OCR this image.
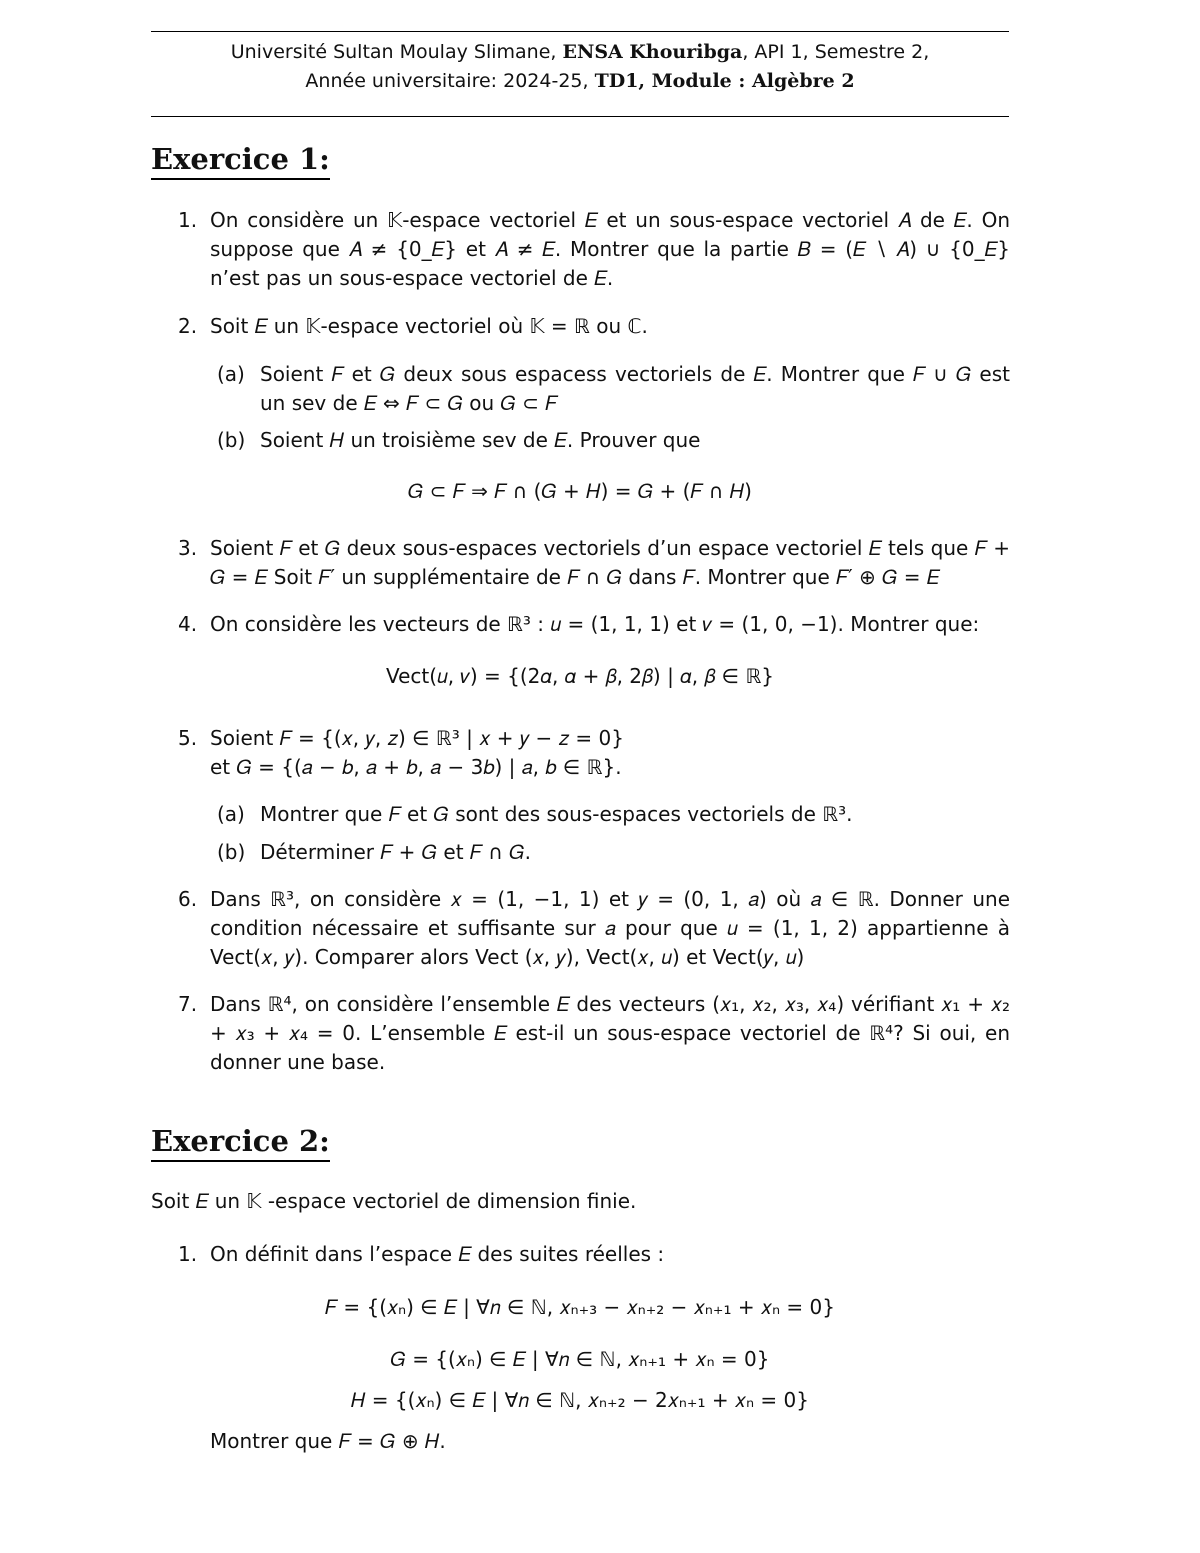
Université Sultan Moulay Slimane, ENSA Khouribga, API 1, Semestre 2,
Année universitaire: 2024-25, TD1, Module : Algèbre 2
Exercice 1:
1. On considère un 𝕂-espace vectoriel 𝐸 et un sous-espace vectoriel 𝐴 de 𝐸. On suppose que 𝐴 ≠ {0_𝐸} et 𝐴 ≠ 𝐸. Montrer que la partie 𝐵 = (𝐸 ∖ 𝐴) ∪ {0_𝐸} n’est pas un sous-espace vectoriel de 𝐸.
2. Soit 𝐸 un 𝕂-espace vectoriel où 𝕂 = ℝ ou ℂ.
(a) Soient 𝐹 et 𝐺 deux sous espacess vectoriels de 𝐸. Montrer que 𝐹 ∪ 𝐺 est un sev de 𝐸 ⇔ 𝐹 ⊂ 𝐺 ou 𝐺 ⊂ 𝐹
(b) Soient 𝐻 un troisième sev de 𝐸. Prouver que
𝐺 ⊂ 𝐹 ⇒ 𝐹 ∩ (𝐺 + 𝐻) = 𝐺 + (𝐹 ∩ 𝐻)
3. Soient 𝐹 et 𝐺 deux sous-espaces vectoriels d’un espace vectoriel 𝐸 tels que 𝐹 + 𝐺 = 𝐸 Soit 𝐹′ un supplémentaire de 𝐹 ∩ 𝐺 dans 𝐹. Montrer que 𝐹′ ⊕ 𝐺 = 𝐸
4. On considère les vecteurs de ℝ³ : 𝑢 = (1, 1, 1) et 𝑣 = (1, 0, −1). Montrer que:
Vect(𝑢, 𝑣) = {(2𝛼, 𝛼 + 𝛽, 2𝛽) | 𝛼, 𝛽 ∈ ℝ}
5. Soient 𝐹 = {(𝑥, 𝑦, 𝑧) ∈ ℝ³ | 𝑥 + 𝑦 − 𝑧 = 0}
et 𝐺 = {(𝑎 − 𝑏, 𝑎 + 𝑏, 𝑎 − 3𝑏) | 𝑎, 𝑏 ∈ ℝ}.
(a) Montrer que 𝐹 et 𝐺 sont des sous-espaces vectoriels de ℝ³.
(b) Déterminer 𝐹 + 𝐺 et 𝐹 ∩ 𝐺.
6. Dans ℝ³, on considère 𝑥 = (1, −1, 1) et 𝑦 = (0, 1, 𝑎) où 𝑎 ∈ ℝ. Donner une condition nécessaire et suffisante sur 𝑎 pour que 𝑢 = (1, 1, 2) appartienne à Vect(𝑥, 𝑦). Comparer alors Vect (𝑥, 𝑦), Vect(𝑥, 𝑢) et Vect(𝑦, 𝑢)
7. Dans ℝ⁴, on considère l’ensemble 𝐸 des vecteurs (𝑥₁, 𝑥₂, 𝑥₃, 𝑥₄) vérifiant 𝑥₁ + 𝑥₂ + 𝑥₃ + 𝑥₄ = 0. L’ensemble 𝐸 est-il un sous-espace vectoriel de ℝ⁴? Si oui, en donner une base.
Exercice 2:
Soit 𝐸 un 𝕂 -espace vectoriel de dimension finie.
1. On définit dans l’espace 𝐸 des suites réelles :
𝐹 = {(𝑥ₙ) ∈ 𝐸 | ∀𝑛 ∈ ℕ, 𝑥ₙ₊₃ − 𝑥ₙ₊₂ − 𝑥ₙ₊₁ + 𝑥ₙ = 0}
𝐺 = {(𝑥ₙ) ∈ 𝐸 | ∀𝑛 ∈ ℕ, 𝑥ₙ₊₁ + 𝑥ₙ = 0}
𝐻 = {(𝑥ₙ) ∈ 𝐸 | ∀𝑛 ∈ ℕ, 𝑥ₙ₊₂ − 2𝑥ₙ₊₁ + 𝑥ₙ = 0}
Montrer que 𝐹 = 𝐺 ⊕ 𝐻.
